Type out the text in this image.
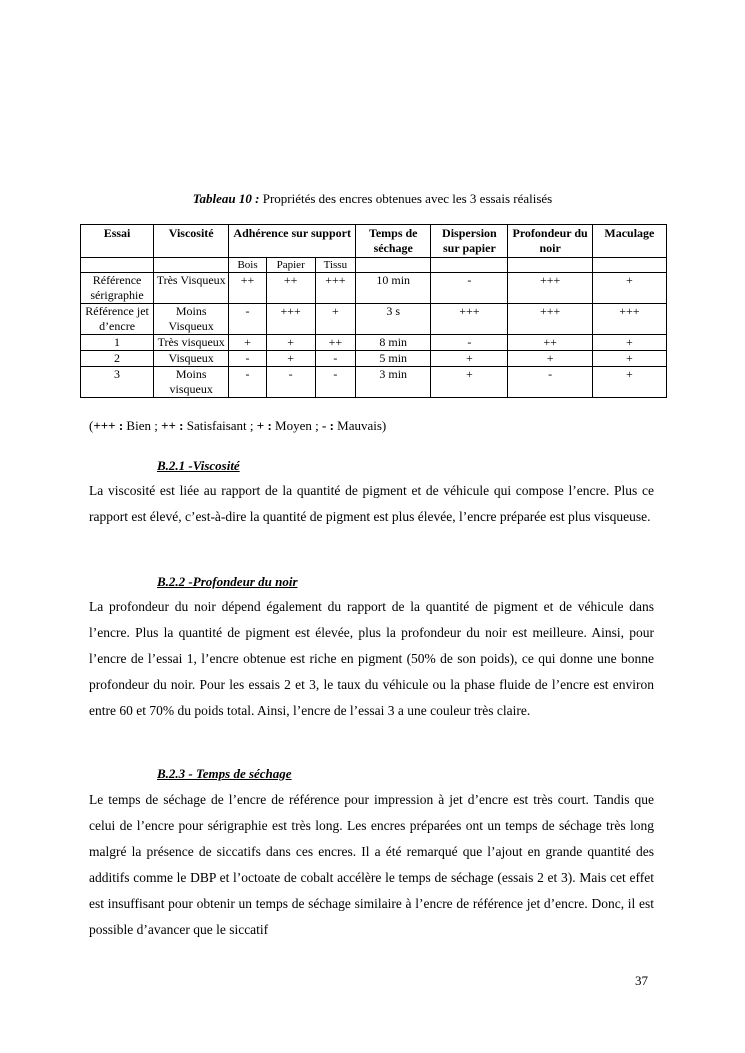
Tableau 10 : Propriétés des encres obtenues avec les 3 essais réalisés
Essai	Viscosité	Adhérence sur support			Temps de séchage	Dispersion sur papier	Profondeur du noir	Maculage
		Bois	Papier	Tissu				
Référence sérigraphie	Très Visqueux	++	++	+++	10 min	-	+++	+
Référence jet d’encre	Moins Visqueux	-	+++	+	3 s	+++	+++	+++
1	Très visqueux	+	+	++	8 min	-	++	+
2	Visqueux	-	+	-	5 min	+	+	+
3	Moins visqueux	-	-	-	3 min	+	-	+
(+++ : Bien ; ++ : Satisfaisant ; + : Moyen ; - : Mauvais)
B.2.1 -Viscosité
La viscosité est liée au rapport de la quantité de pigment et de véhicule qui compose l’encre. Plus ce rapport est élevé, c’est-à-dire la quantité de pigment est plus élevée, l’encre préparée est plus visqueuse.
B.2.2 -Profondeur du noir
La profondeur du noir dépend également du rapport de la quantité de pigment et de véhicule dans l’encre. Plus la quantité de pigment est élevée, plus la profondeur du noir est meilleure. Ainsi, pour l’encre de l’essai 1, l’encre obtenue est riche en pigment (50% de son poids), ce qui donne une bonne profondeur du noir. Pour les essais 2 et 3, le taux du véhicule ou la phase fluide de l’encre est environ entre 60 et 70% du poids total. Ainsi, l’encre de l’essai 3 a une couleur très claire.
B.2.3 - Temps de séchage
Le temps de séchage de l’encre de référence pour impression à jet d’encre est très court. Tandis que celui de l’encre pour sérigraphie est très long. Les encres préparées ont un temps de séchage très long malgré la présence de siccatifs dans ces encres. Il a été remarqué que l’ajout en grande quantité des additifs comme le DBP et l’octoate de cobalt accélère le temps de séchage (essais 2 et 3). Mais cet effet est insuffisant pour obtenir un temps de séchage similaire à l’encre de référence jet d’encre. Donc, il est possible d’avancer que le siccatif
37
